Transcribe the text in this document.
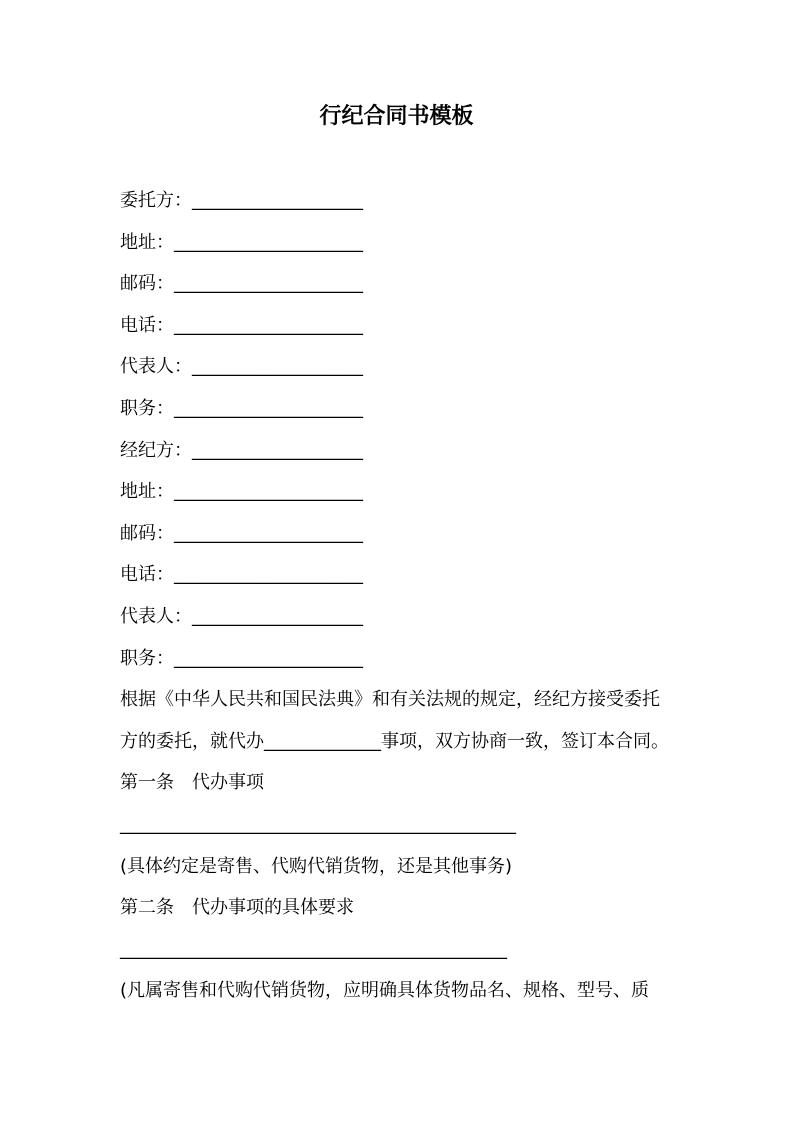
行纪合同书模板
委托方：___________________
地址：_____________________
邮码：_____________________
电话：_____________________
代表人：___________________
职务：_____________________
经纪方：___________________
地址：_____________________
邮码：_____________________
电话：_____________________
代表人：___________________
职务：_____________________
根据《中华人民共和国民法典》和有关法规的规定，经纪方接受委托
方的委托，就代办_____________事项，双方协商一致，签订本合同。
第一条　代办事项
____________________________________________
(具体约定是寄售、代购代销货物，还是其他事务)
第二条　代办事项的具体要求
___________________________________________
(凡属寄售和代购代销货物，应明确具体货物品名、规格、型号、质
